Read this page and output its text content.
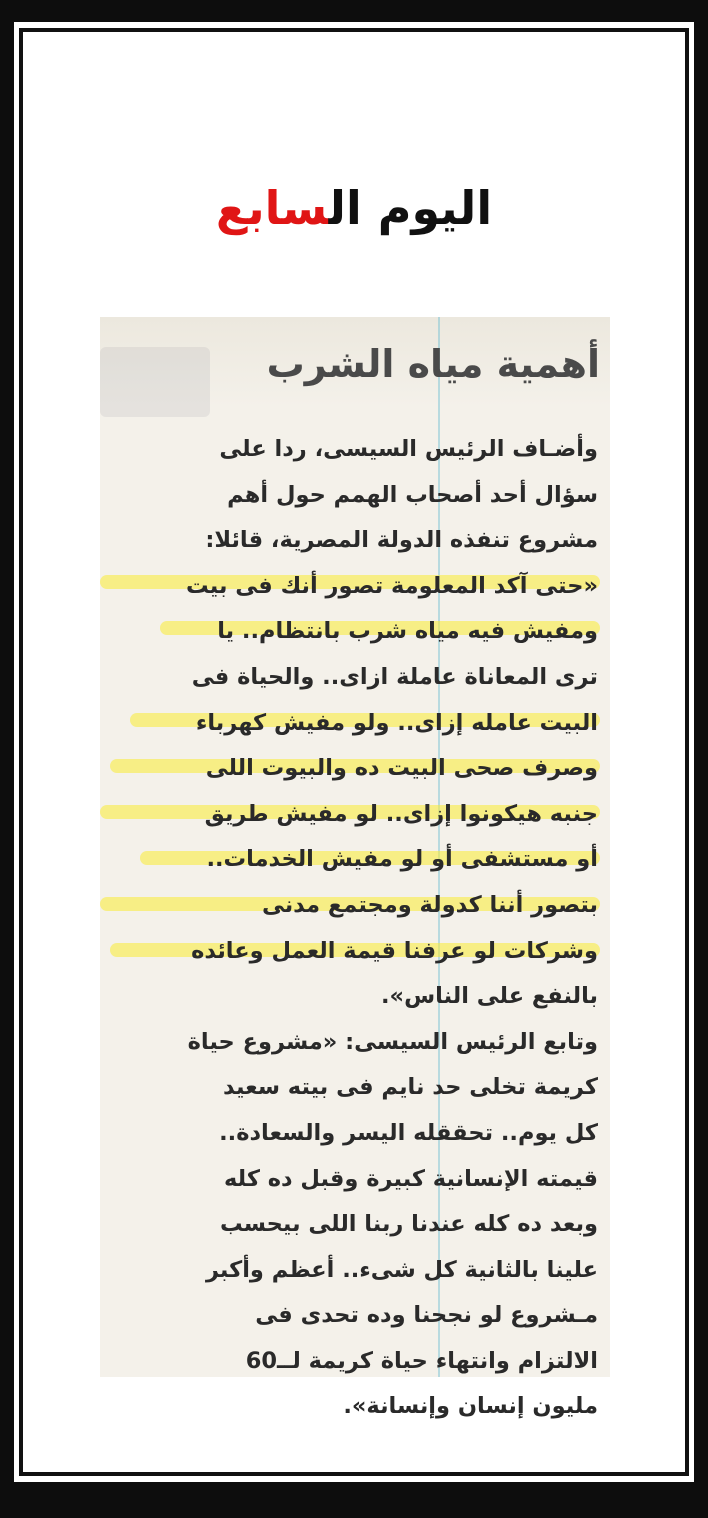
اليوم السابع
أهمية مياه الشرب
وأضـاف الرئيس السيسى، ردا على
سؤال أحد أصحاب الهمم حول أهم
مشروع تنفذه الدولة المصرية، قائلا:
«حتى آكد المعلومة تصور أنك فى بيت
ومفيش فيه مياه شرب بانتظام.. يا
ترى المعاناة عاملة ازاى.. والحياة فى
البيت عامله إزاى.. ولو مفيش كهرباء
وصرف صحى البيت ده والبيوت اللى
جنبه هيكونوا إزاى.. لو مفيش طريق
أو مستشفى أو لو مفيش الخدمات..
بتصور أننا كدولة ومجتمع مدنى
وشركات لو عرفنا قيمة العمل وعائده
بالنفع على الناس».
وتابع الرئيس السيسى: «مشروع حياة
كريمة تخلى حد نايم فى بيته سعيد
كل يوم.. تحققله اليسر والسعادة..
قيمته الإنسانية كبيرة وقبل ده كله
وبعد ده كله عندنا ربنا اللى بيحسب
علينا بالثانية كل شىء.. أعظم وأكبر
مـشروع لو نجحنا وده تحدى فى
الالتزام وانتهاء حياة كريمة لــ60
مليون إنسان وإنسانة».
